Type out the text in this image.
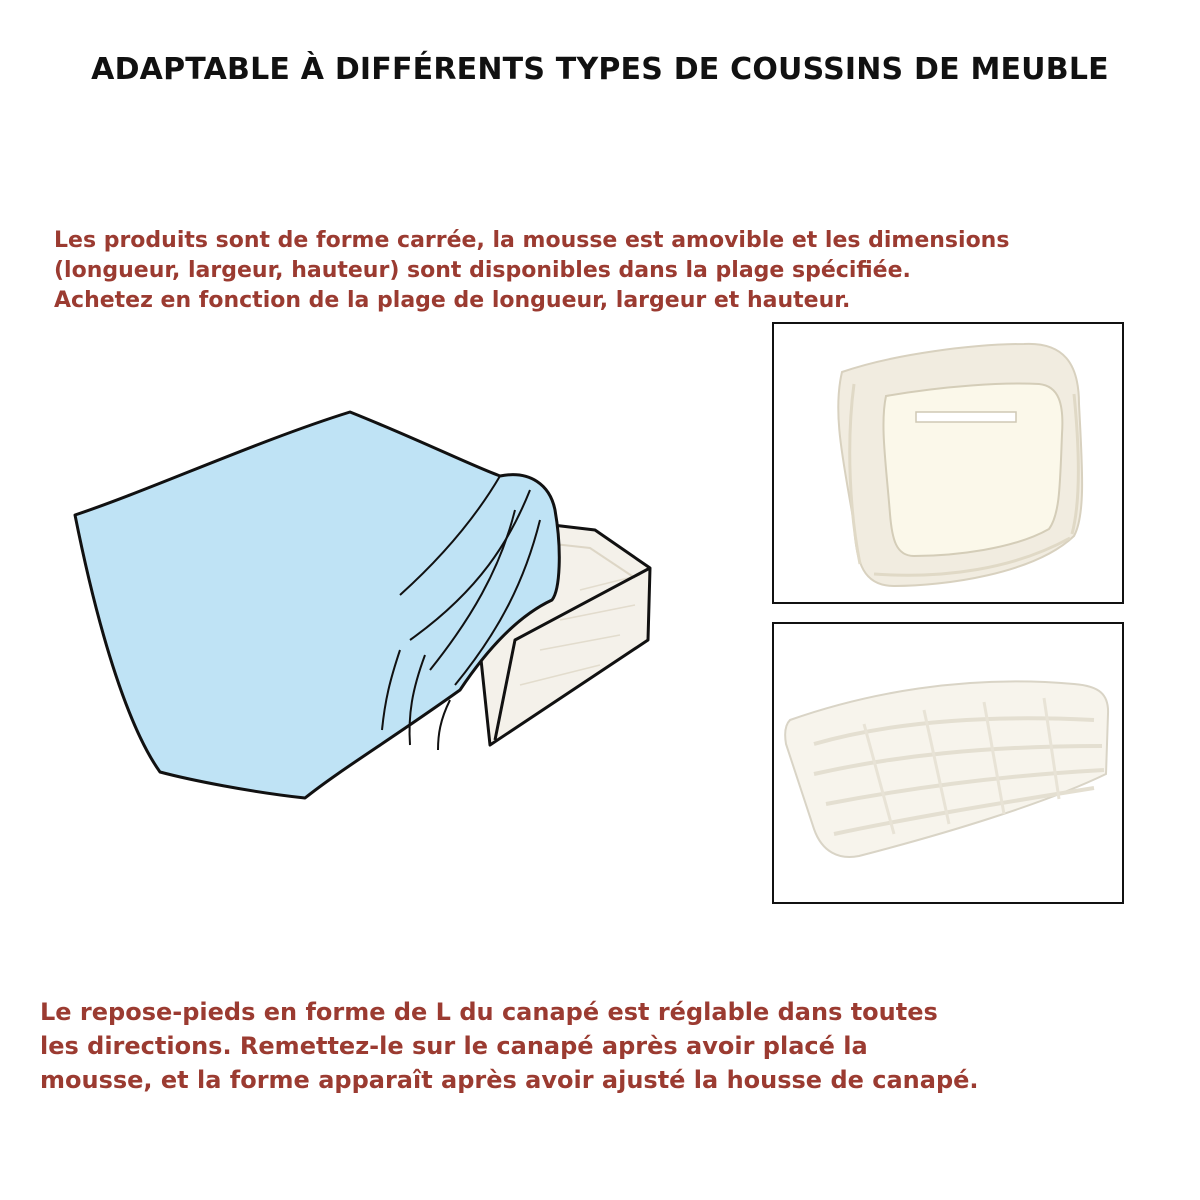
ADAPTABLE À DIFFÉRENTS TYPES DE COUSSINS DE MEUBLE
Les produits sont de forme carrée, la mousse est amovible et les dimensions
(longueur, largeur, hauteur) sont disponibles dans la plage spécifiée.
Achetez en fonction de la plage de longueur, largeur et hauteur.
Le repose-pieds en forme de L du canapé est réglable dans toutes
les directions. Remettez-le sur le canapé après avoir placé la
mousse, et la forme apparaît après avoir ajusté la housse de canapé.
